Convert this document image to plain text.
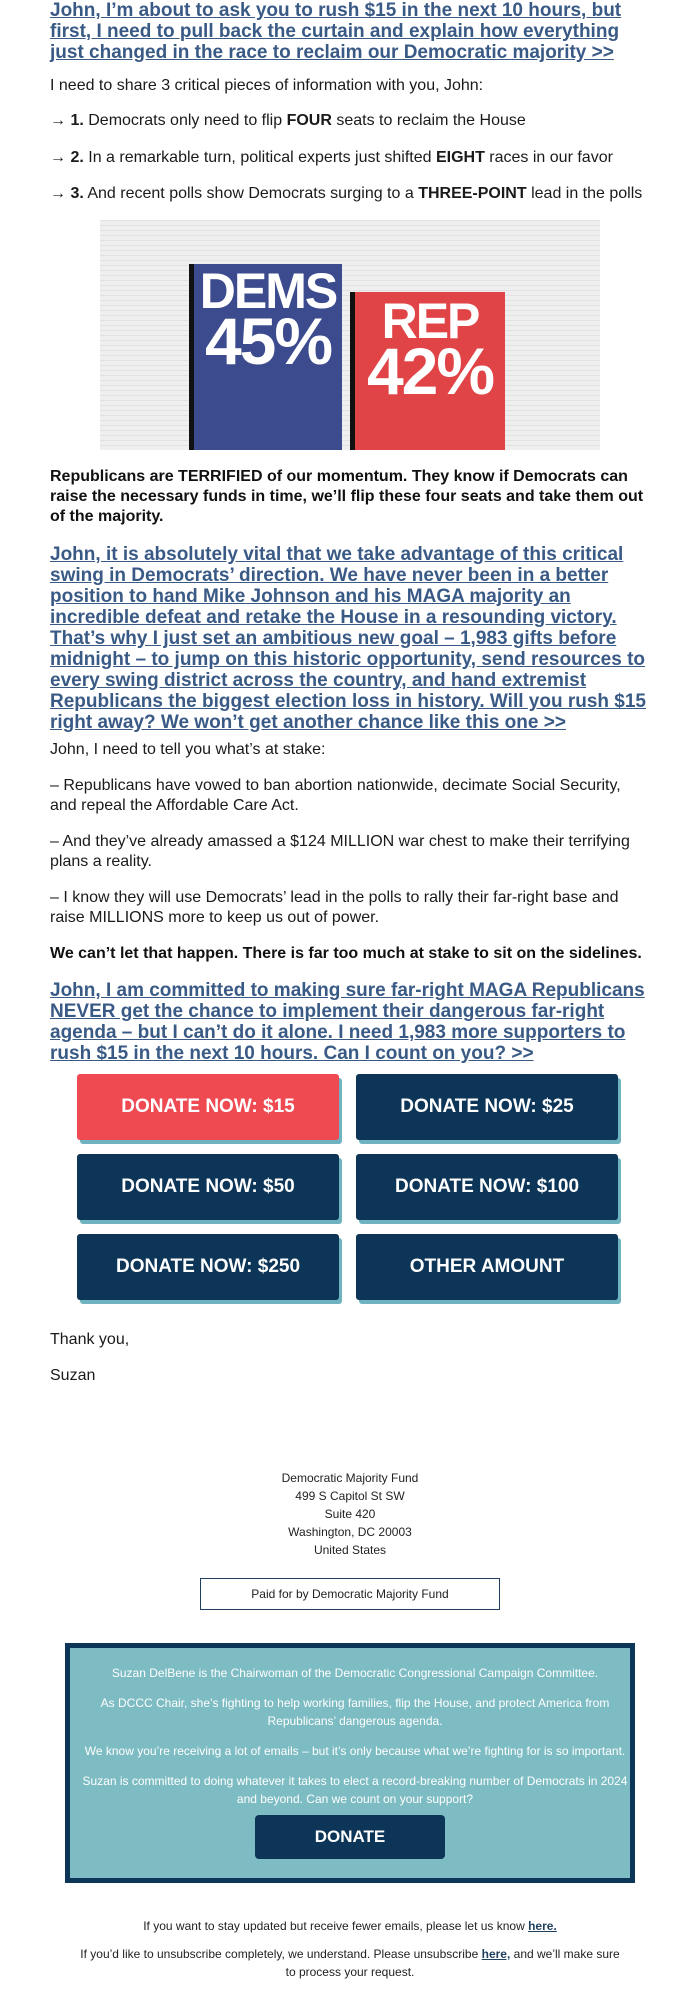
John, I’m about to ask you to rush $15 in the next 10 hours, but first, I need to pull back the curtain and explain how everything just changed in the race to reclaim our Democratic majority >>

I need to share 3 critical pieces of information with you, John:

→ 1. Democrats only need to flip FOUR seats to reclaim the House

→ 2. In a remarkable turn, political experts just shifted EIGHT races in our favor

→ 3. And recent polls show Democrats surging to a THREE-POINT lead in the polls

DEMS
45%	REP
42%

Republicans are TERRIFIED of our momentum. They know if Democrats can raise the necessary funds in time, we’ll flip these four seats and take them out of the majority.

John, it is absolutely vital that we take advantage of this critical swing in Democrats’ direction. We have never been in a better position to hand Mike Johnson and his MAGA majority an incredible defeat and retake the House in a resounding victory. That’s why I just set an ambitious new goal – 1,983 gifts before midnight – to jump on this historic opportunity, send resources to every swing district across the country, and hand extremist Republicans the biggest election loss in history. Will you rush $15 right away? We won’t get another chance like this one >>

John, I need to tell you what’s at stake:

– Republicans have vowed to ban abortion nationwide, decimate Social Security, and repeal the Affordable Care Act.

– And they’ve already amassed a $124 MILLION war chest to make their terrifying plans a reality.

– I know they will use Democrats’ lead in the polls to rally their far-right base and raise MILLIONS more to keep us out of power.

We can’t let that happen. There is far too much at stake to sit on the sidelines.

John, I am committed to making sure far-right MAGA Republicans NEVER get the chance to implement their dangerous far-right agenda – but I can’t do it alone. I need 1,983 more supporters to rush $15 in the next 10 hours. Can I count on you? >>
DONATE NOW: $15	DONATE NOW: $25
DONATE NOW: $50	DONATE NOW: $100
DONATE NOW: $250	OTHER AMOUNT

Thank you,

Suzan

Democratic Majority Fund
499 S Capitol St SW
Suite 420
Washington, DC 20003
United States
Paid for by Democratic Majority Fund

Suzan DelBene is the Chairwoman of the Democratic Congressional Campaign Committee.

As DCCC Chair, she’s fighting to help working families, flip the House, and protect America from Republicans’ dangerous agenda.

We know you’re receiving a lot of emails – but it’s only because what we’re fighting for is so important.

Suzan is committed to doing whatever it takes to elect a record-breaking number of Democrats in 2024 and beyond. Can we count on your support?

DONATE

If you want to stay updated but receive fewer emails, please let us know here.

If you’d like to unsubscribe completely, we understand. Please unsubscribe here, and we’ll make sure to process your request.
